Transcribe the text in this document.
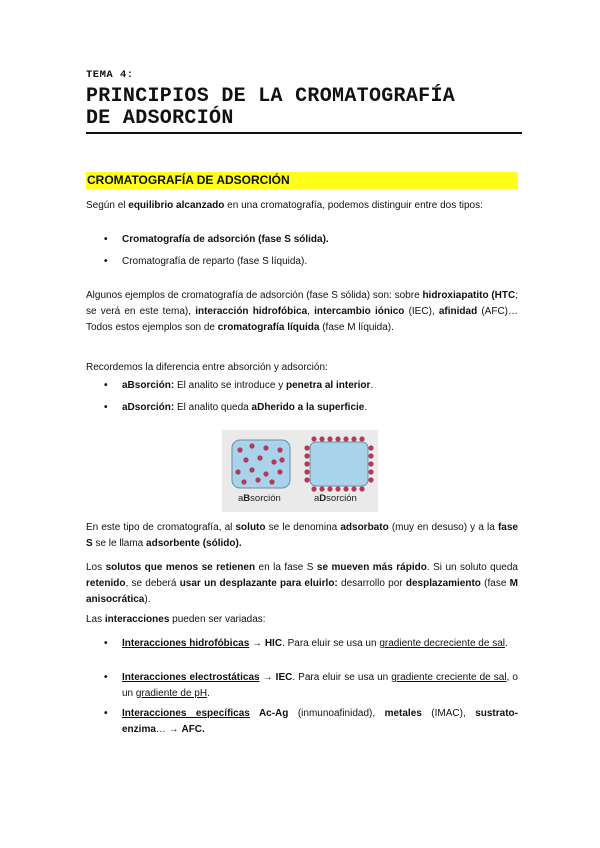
TEMA 4:
PRINCIPIOS DE LA CROMATOGRAFÍA
DE ADSORCIÓN
CROMATOGRAFÍA DE ADSORCIÓN
Según el equilibrio alcanzado en una cromatografía, podemos distinguir entre dos tipos:
• Cromatografía de adsorción (fase S sólida).
• Cromatografía de reparto (fase S líquida).
Algunos ejemplos de cromatografía de adsorción (fase S sólida) son: sobre hidroxiapatito (HTC; se verá en este tema), interacción hidrofóbica, intercambio iónico (IEC), afinidad (AFC)… Todos estos ejemplos son de cromatografía líquida (fase M líquida).
Recordemos la diferencia entre absorción y adsorción:
• aBsorción: El analito se introduce y penetra al interior.
• aDsorción: El analito queda aDherido a la superficie.
aBsorción	aDsorción
En este tipo de cromatografía, al soluto se le denomina adsorbato (muy en desuso) y a la fase S se le llama adsorbente (sólido).
Los solutos que menos se retienen en la fase S se mueven más rápido. Si un soluto queda retenido, se deberá usar un desplazante para eluirlo: desarrollo por desplazamiento (fase M anisocrática).
Las interacciones pueden ser variadas:
• Interacciones hidrofóbicas → HIC. Para eluir se usa un gradiente decreciente de sal.
• Interacciones electrostáticas → IEC. Para eluir se usa un gradiente creciente de sal, o un gradiente de pH.
• Interacciones específicas Ac-Ag (inmunoafinidad), metales (IMAC), sustrato-enzima… → AFC.
